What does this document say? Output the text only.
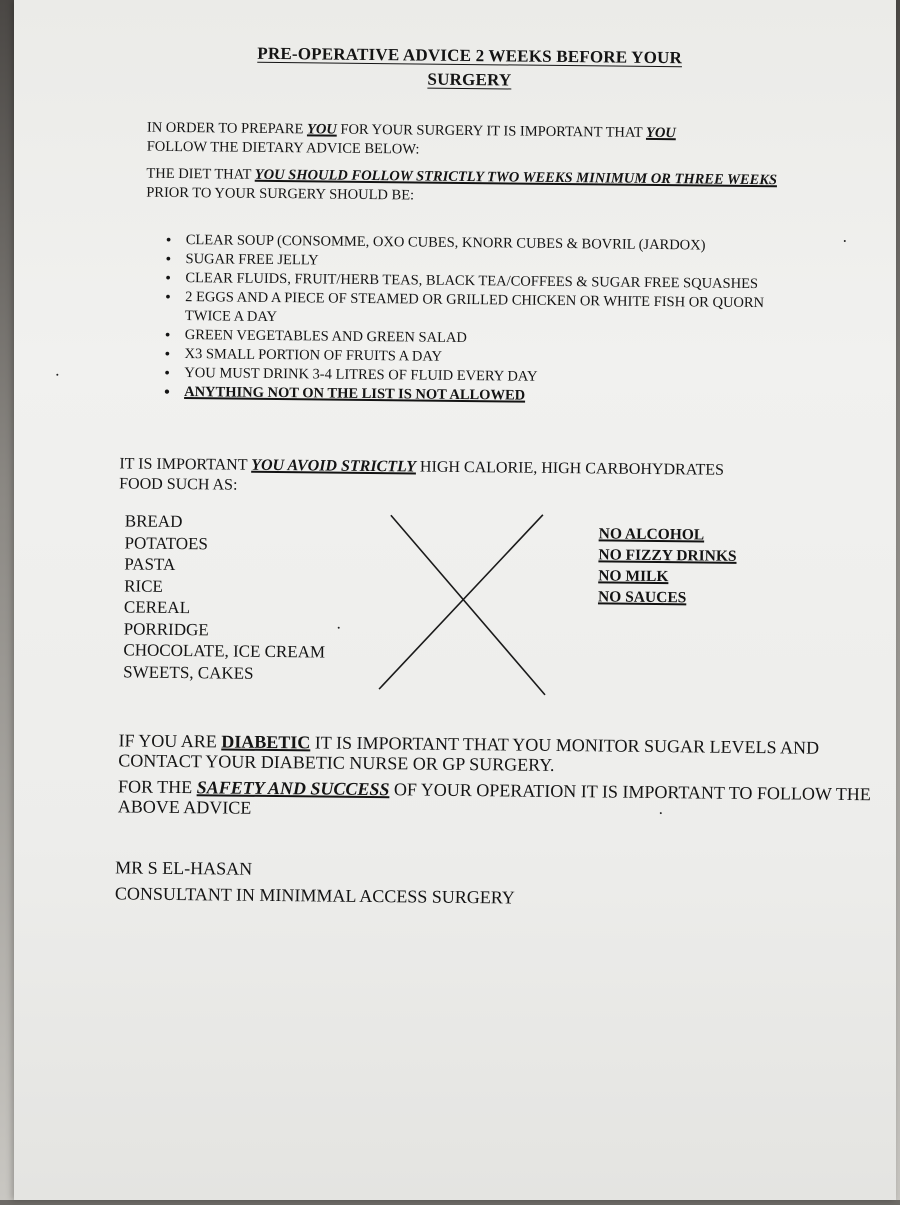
PRE-OPERATIVE ADVICE 2 WEEKS BEFORE YOUR
SURGERY
IN ORDER TO PREPARE YOU FOR YOUR SURGERY IT IS IMPORTANT THAT YOU
FOLLOW THE DIETARY ADVICE BELOW:
THE DIET THAT YOU SHOULD FOLLOW STRICTLY TWO WEEKS MINIMUM OR THREE WEEKS PRIOR TO YOUR SURGERY SHOULD BE:
• CLEAR SOUP (CONSOMME, OXO CUBES, KNORR CUBES & BOVRIL (JARDOX)
• SUGAR FREE JELLY
• CLEAR FLUIDS, FRUIT/HERB TEAS, BLACK TEA/COFFEES & SUGAR FREE SQUASHES
• 2 EGGS AND A PIECE OF STEAMED OR GRILLED CHICKEN OR WHITE FISH OR QUORN TWICE A DAY
• GREEN VEGETABLES AND GREEN SALAD
• X3 SMALL PORTION OF FRUITS A DAY
• YOU MUST DRINK 3-4 LITRES OF FLUID EVERY DAY
• ANYTHING NOT ON THE LIST IS NOT ALLOWED
IT IS IMPORTANT YOU AVOID STRICTLY HIGH CALORIE, HIGH CARBOHYDRATES FOOD SUCH AS:
BREAD
POTATOES
PASTA
RICE
CEREAL
PORRIDGE
CHOCOLATE, ICE CREAM
SWEETS, CAKES
NO ALCOHOL
NO FIZZY DRINKS
NO MILK
NO SAUCES
IF YOU ARE DIABETIC IT IS IMPORTANT THAT YOU MONITOR SUGAR LEVELS AND CONTACT YOUR DIABETIC NURSE OR GP SURGERY.
FOR THE SAFETY AND SUCCESS OF YOUR OPERATION IT IS IMPORTANT TO FOLLOW THE ABOVE ADVICE
MR S EL-HASAN
CONSULTANT IN MINIMMAL ACCESS SURGERY
